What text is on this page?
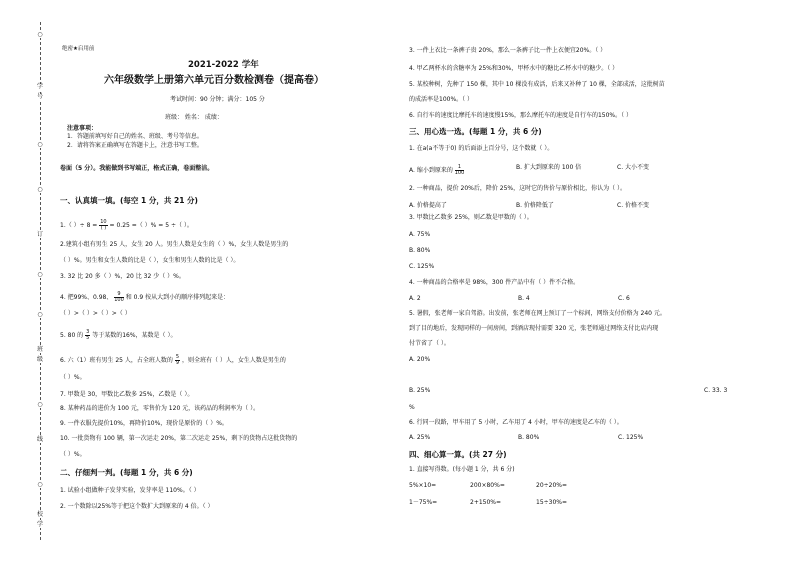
○
学
号
○
○
订
○
○
班
级
○
线
○
校
学
绝密★启用前
2021-2022 学年
六年级数学上册第六单元百分数检测卷（提高卷）
考试时间：90 分钟；满分：105 分
班级： 姓名： 成绩：
注意事项：
1．答题前填写好自己的姓名、班级、考号等信息。
2．请将答案正确填写在答题卡上，注意书写工整。
卷面（5 分）。我能做到书写端正，格式正确，卷面整洁。
一、认真填一填。(每空 1 分，共 21 分)
1.（ ）÷ $8 = \frac{10}{( )} = 0.25$ =（ ）% = 5 ÷（ ）。
2.建筑小组有男生 25 人，女生 20 人。男生人数是女生的（ ）%，女生人数是男生的
（ ）%。男生和女生人数的比是（ ），女生和男生人数的比是（ ）。
3. 32 比 20 多（ ）%，20 比 32 少（ ）%。
4. 把99%、0.98、 $\frac{9}{100}$ 和 0.9 按从大到小的顺序排列起来是：
（ ）>（ ）>（ ）>（ ）
5. 80 的 $\frac{3}{5}$ 等于某数的16%，某数是（ ）。
6. 六（1）班有男生 25 人，占全班人数的 $\frac{5}{9}$ ，则全班有（ ）人，女生人数是男生的
（ ）%。
7. 甲数是 30，甲数比乙数多 25%，乙数是（ ）。
8. 某种药品的进价为 100 元，零售价为 120 元，该药品的利润率为（ ）。
9. 一件衣服先提价10%，再降价10%，现价是原价的（ ）%。
10. 一批货物有 100 辆，第一次运走 20%，第二次运走 25%，剩下的货物占这批货物的
（ ）%。
二、仔细判一判。(每题 1 分，共 6 分)
1. 试验小组做种子发芽实验，发芽率是 110%。（ ）
2. 一个数除以25%等于把这个数扩大到原来的 4 倍。（ ）
3. 一件上衣比一条裤子贵 20%，那么一条裤子比一件上衣便宜20%。（ ）
4. 甲乙两杯水的含糖率为 25%和30%，甲杯水中的糖比乙杯水中的糖少。（ ）
5. 某校种树，先种了 150 棵，其中 10 棵没有成活，后来又补种了 10 棵，全部成活，这批树苗
的成活率是100%。（ ）
6. 自行车的速度比摩托车的速度慢15%，那么摩托车的速度是自行车的150%。（ ）
三、用心选一选。(每题 1 分，共 6 分)
1. 在a(a不等于0) 的后面添上百分号，这个数就（ ）。
A. 缩小到原来的 $\frac{1}{100}$	B. 扩大到原来的 100 倍	C. 大小不变
2. 一种商品，提价 20%后，降价 25%，这时它的售价与原价相比，你认为（ ）。
A. 价格提高了	B. 价格降低了	C. 价格不变
3. 甲数比乙数多 25%，则乙数是甲数的（ ）。
A. 75%
B. 80%
C. 125%
4. 一种商品的合格率是 98%，300 件产品中有（ ）件不合格。
A. 2	B. 4	C. 6
5. 暑假，张老师一家自驾游。出发前，张老师在网上预订了一个标间，网络支付价格为 240 元。
到了目的地后，发现同样的一间房间，到酒店现付需要 320 元，张老师通过网络支付比店内现
付节省了（ ）。
A. 20%
B. 25%	C. 33. 3
%
6. 行同一段路，甲车用了 5 小时，乙车用了 4 小时，甲车的速度是乙车的（ ）。
A. 25%	B. 80%	C. 125%
四、细心算一算。(共 27 分)
1. 直接写得数。(每小题 1 分，共 6 分)
5%×10=	200×80%=	20÷20%=
1－75%=	2+150%=	15÷30%=
